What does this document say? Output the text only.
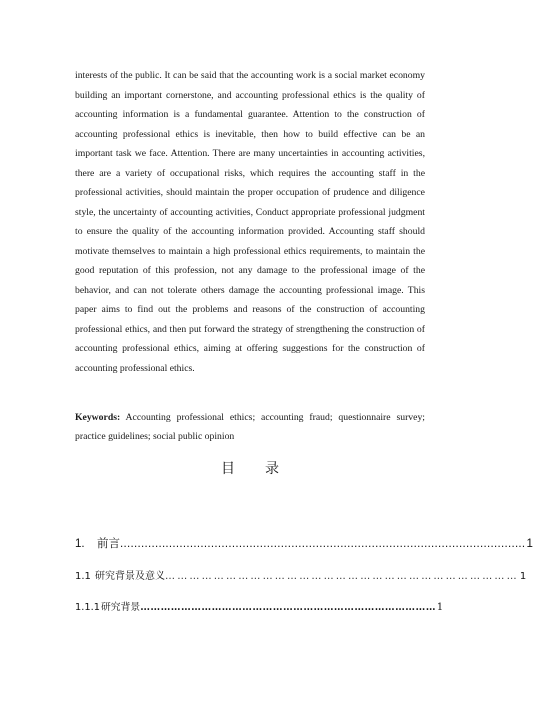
interests of the public. It can be said that the accounting work is a social market economy building an important cornerstone, and accounting professional ethics is the quality of accounting information is a fundamental guarantee. Attention to the construction of accounting professional ethics is inevitable, then how to build effective can be an important task we face. Attention. There are many uncertainties in accounting activities, there are a variety of occupational risks, which requires the accounting staff in the professional activities, should maintain the proper occupation of prudence and diligence style, the uncertainty of accounting activities, Conduct appropriate professional judgment to ensure the quality of the accounting information provided. Accounting staff should motivate themselves to maintain a high professional ethics requirements, to maintain the good reputation of this profession, not any damage to the professional image of the behavior, and can not tolerate others damage the accounting professional image. This paper aims to find out the problems and reasons of the construction of accounting professional ethics, and then put forward the strategy of strengthening the construction of accounting professional ethics, aiming at offering suggestions for the construction of accounting professional ethics.

Keywords: Accounting professional ethics; accounting fraud; questionnaire survey; practice guidelines; social public opinion
目录
1.	前言 .................................................................................................................... 1
1.1 研究背景及意义 …………………………………………………………………………… 1
1.1.1 研究背景 …………………………………………………………………………… 1
